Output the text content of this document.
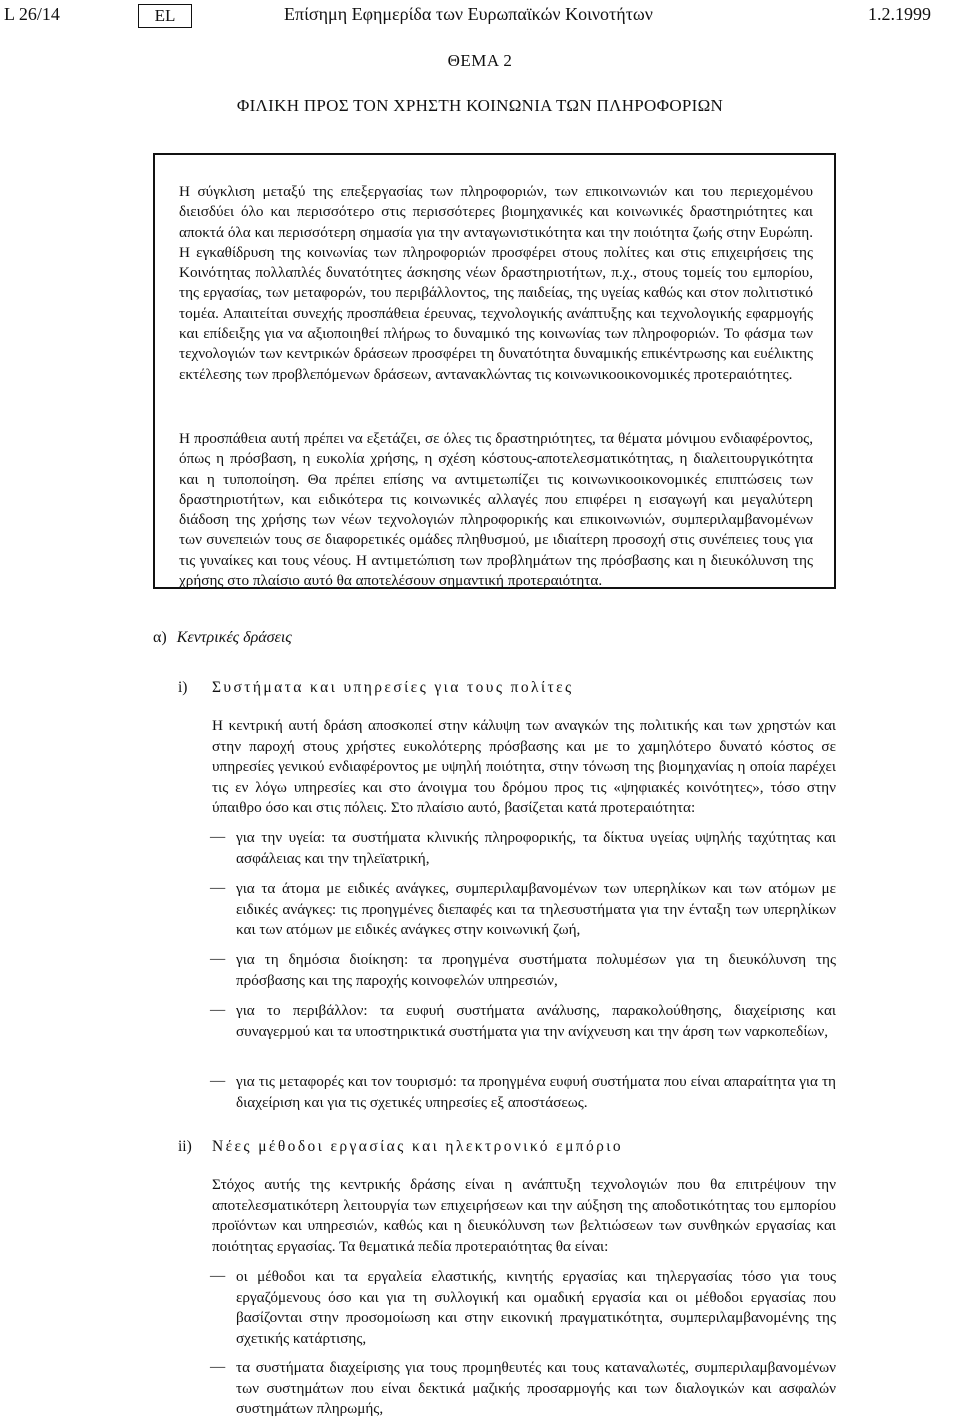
L 26/14	EL	Επίσημη Εφημερίδα των Ευρωπαϊκών Κοινοτήτων	1.2.1999
ΘΕΜΑ 2
ΦΙΛΙΚΗ ΠΡΟΣ ΤΟΝ ΧΡΗΣΤΗ ΚΟΙΝΩΝΙΑ ΤΩΝ ΠΛΗΡΟΦΟΡΙΩΝ

Η σύγκλιση μεταξύ της επεξεργασίας των πληροφοριών, των επικοινωνιών και του περιεχομένου διεισδύει όλο και περισσότερο στις περισσότερες βιομηχανικές και κοινωνικές δραστηριότητες και αποκτά όλα και περισσότερη σημασία για την ανταγωνιστικότητα και την ποιότητα ζωής στην Ευρώπη. Η εγκαθίδρυση της κοινωνίας των πληροφοριών προσφέρει στους πολίτες και στις επιχειρήσεις της Κοινότητας πολλαπλές δυνατότητες άσκησης νέων δραστηριοτήτων, π.χ., στους τομείς του εμπορίου, της εργασίας, των μεταφορών, του περιβάλλοντος, της παιδείας, της υγείας καθώς και στον πολιτιστικό τομέα. Απαιτείται συνεχής προσπάθεια έρευνας, τεχνολογικής ανάπτυξης και τεχνολογικής εφαρμογής και επίδειξης για να αξιοποιηθεί πλήρως το δυναμικό της κοινωνίας των πληροφοριών. Το φάσμα των τεχνολογιών των κεντρικών δράσεων προσφέρει τη δυνατότητα δυναμικής επικέντρωσης και ευέλικτης εκτέλεσης των προβλεπόμενων δράσεων, αντανακλώντας τις κοινωνικοοικονομικές προτεραιότητες.

Η προσπάθεια αυτή πρέπει να εξετάζει, σε όλες τις δραστηριότητες, τα θέματα μόνιμου ενδιαφέροντος, όπως η πρόσβαση, η ευκολία χρήσης, η σχέση κόστους-αποτελεσματικότητας, η διαλειτουργικότητα και η τυποποίηση. Θα πρέπει επίσης να αντιμετωπίζει τις κοινωνικοοικονομικές επιπτώσεις των δραστηριοτήτων, και ειδικότερα τις κοινωνικές αλλαγές που επιφέρει η εισαγωγή και μεγαλύτερη διάδοση της χρήσης των νέων τεχνολογιών πληροφορικής και επικοινωνιών, συμπεριλαμβανομένων των συνεπειών τους σε διαφορετικές ομάδες πληθυσμού, με ιδιαίτερη προσοχή στις συνέπειες τους για τις γυναίκες και τους νέους. Η αντιμετώπιση των προβλημάτων της πρόσβασης και η διευκόλυνση της χρήσης στο πλαίσιο αυτό θα αποτελέσουν σημαντική προτεραιότητα.

α) Κεντρικές δράσεις
i) Συστήματα και υπηρεσίες για τους πολίτες

Η κεντρική αυτή δράση αποσκοπεί στην κάλυψη των αναγκών της πολιτικής και των χρηστών και στην παροχή στους χρήστες ευκολότερης πρόσβασης και με το χαμηλότερο δυνατό κόστος σε υπηρεσίες γενικού ενδιαφέροντος με υψηλή ποιότητα, στην τόνωση της βιομηχανίας η οποία παρέχει τις εν λόγω υπηρεσίες και στο άνοιγμα του δρόμου προς τις «ψηφιακές κοινότητες», τόσο στην ύπαιθρο όσο και στις πόλεις. Στο πλαίσιο αυτό, βασίζεται κατά προτεραιότητα:

— για την υγεία: τα συστήματα κλινικής πληροφορικής, τα δίκτυα υγείας υψηλής ταχύτητας και ασφάλειας και την τηλεϊατρική,

— για τα άτομα με ειδικές ανάγκες, συμπεριλαμβανομένων των υπερηλίκων και των ατόμων με ειδικές ανάγκες: τις προηγμένες διεπαφές και τα τηλεσυστήματα για την ένταξη των υπερηλίκων και των ατόμων με ειδικές ανάγκες στην κοινωνική ζωή,

— για τη δημόσια διοίκηση: τα προηγμένα συστήματα πολυμέσων για τη διευκόλυνση της πρόσβασης και της παροχής κοινοφελών υπηρεσιών,

— για το περιβάλλον: τα ευφυή συστήματα ανάλυσης, παρακολούθησης, διαχείρισης και συναγερμού και τα υποστηρικτικά συστήματα για την ανίχνευση και την άρση των ναρκοπεδίων,

— για τις μεταφορές και τον τουρισμό: τα προηγμένα ευφυή συστήματα που είναι απαραίτητα για τη διαχείριση και για τις σχετικές υπηρεσίες εξ αποστάσεως.

ii) Νέες μέθοδοι εργασίας και ηλεκτρονικό εμπόριο

Στόχος αυτής της κεντρικής δράσης είναι η ανάπτυξη τεχνολογιών που θα επιτρέψουν την αποτελεσματικότερη λειτουργία των επιχειρήσεων και την αύξηση της αποδοτικότητας του εμπορίου προϊόντων και υπηρεσιών, καθώς και η διευκόλυνση των βελτιώσεων των συνθηκών εργασίας και ποιότητας εργασίας. Τα θεματικά πεδία προτεραιότητας θα είναι:

— οι μέθοδοι και τα εργαλεία ελαστικής, κινητής εργασίας και τηλεργασίας τόσο για τους εργαζόμενους όσο και για τη συλλογική και ομαδική εργασία και οι μέθοδοι εργασίας που βασίζονται στην προσομοίωση και στην εικονική πραγματικότητα, συμπεριλαμβανομένης της σχετικής κατάρτισης,

— τα συστήματα διαχείρισης για τους προμηθευτές και τους καταναλωτές, συμπεριλαμβανομένων των συστημάτων που είναι δεκτικά μαζικής προσαρμογής και των διαλογικών και ασφαλών συστημάτων πληρωμής,
